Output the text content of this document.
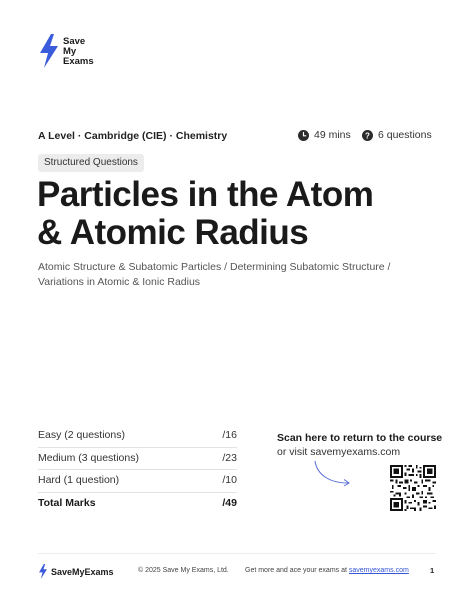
Save
My
Exams
A Level · Cambridge (CIE) · Chemistry	49 mins ? 6 questions
Structured Questions
Particles in the Atom
& Atomic Radius
Atomic Structure & Subatomic Particles / Determining Subatomic Structure / Variations in Atomic & Ionic Radius
Easy (2 questions)	/16
Medium (3 questions)	/23
Hard (1 question)	/10
Total Marks	/49
Scan here to return to the course
or visit savemyexams.com
SaveMyExams	© 2025 Save My Exams, Ltd. Get more and ace your exams at savemyexams.com	1
